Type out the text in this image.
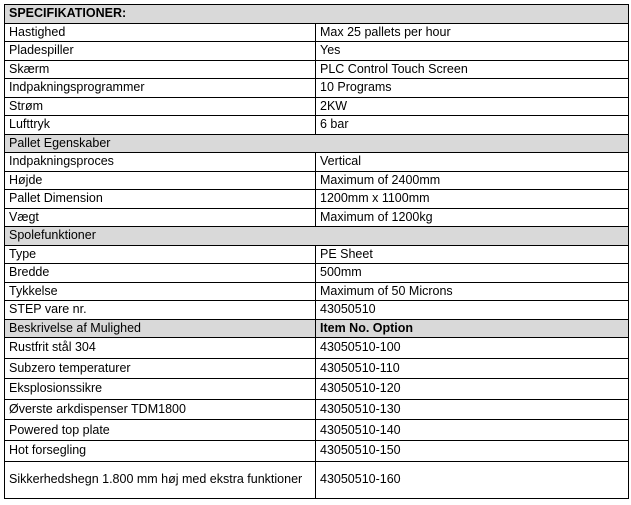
SPECIFIKATIONER:	
Hastighed	Max 25 pallets per hour
Pladespiller	Yes
Skærm	PLC Control Touch Screen
Indpakningsprogrammer	10 Programs
Strøm	2KW
Lufttryk	6 bar
Pallet Egenskaber	
Indpakningsproces	Vertical
Højde	Maximum of 2400mm
Pallet Dimension	1200mm x 1100mm
Vægt	Maximum of 1200kg
Spolefunktioner	
Type	PE Sheet
Bredde	500mm
Tykkelse	Maximum of 50 Microns
STEP vare nr.	43050510
Beskrivelse af Mulighed	Item No. Option
Rustfrit stål 304	43050510-100
Subzero temperaturer	43050510-110
Eksplosionssikre	43050510-120
Øverste arkdispenser TDM1800	43050510-130
Powered top plate	43050510-140
Hot forsegling	43050510-150
Sikkerhedshegn 1.800 mm høj med ekstra funktioner	43050510-160
